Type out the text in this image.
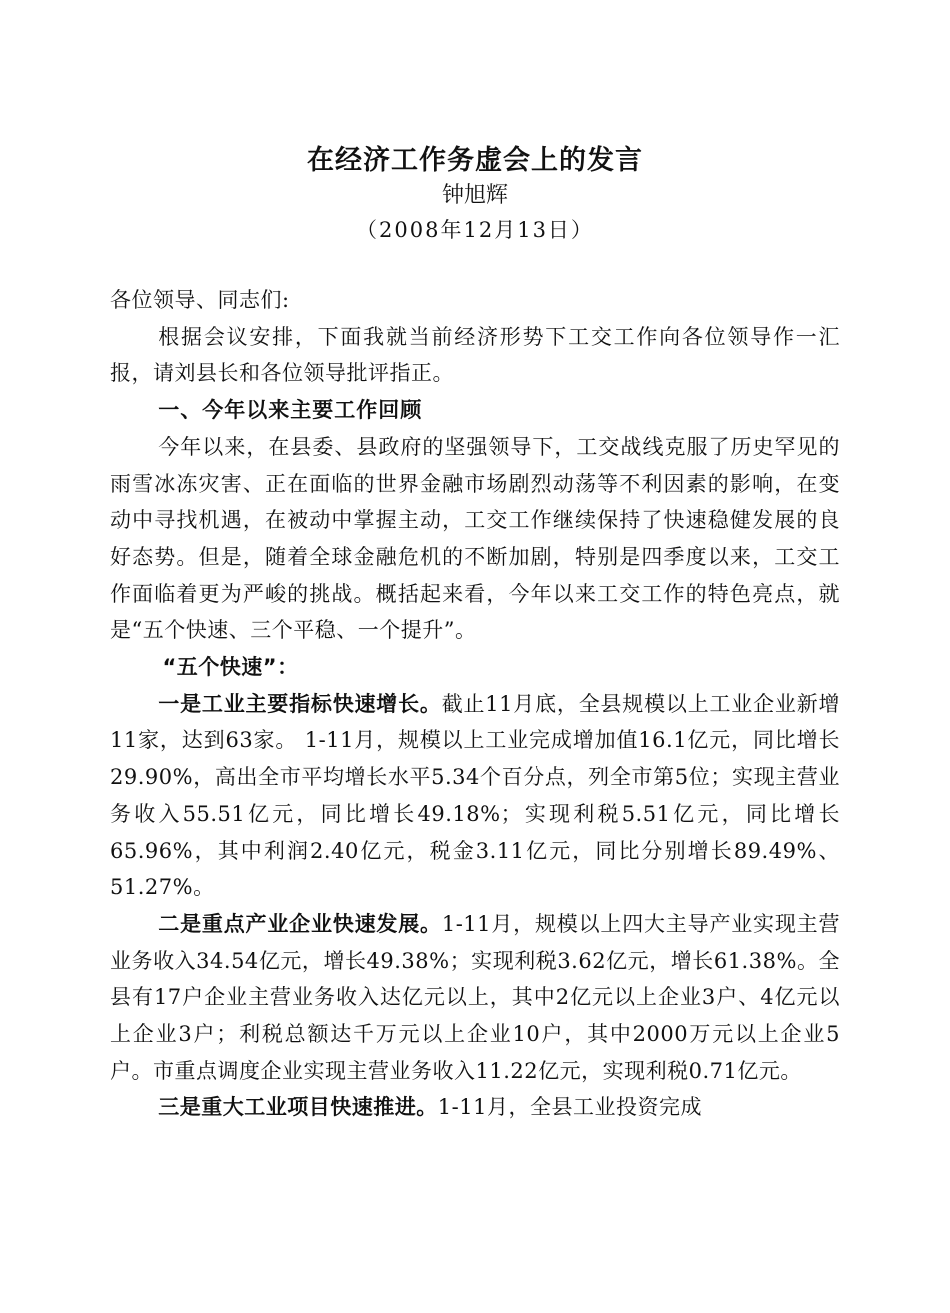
在经济工作务虚会上的发言
钟旭辉
（2008年12月13日）

各位领导、同志们:

根据会议安排，下面我就当前经济形势下工交工作向各位领导作一汇报，请刘县长和各位领导批评指正。

一、今年以来主要工作回顾

今年以来，在县委、县政府的坚强领导下，工交战线克服了历史罕见的雨雪冰冻灾害、正在面临的世界金融市场剧烈动荡等不利因素的影响，在变动中寻找机遇，在被动中掌握主动，工交工作继续保持了快速稳健发展的良好态势。但是，随着全球金融危机的不断加剧，特别是四季度以来，工交工作面临着更为严峻的挑战。概括起来看，今年以来工交工作的特色亮点，就是“五个快速、三个平稳、一个提升”。

“五个快速”：

一是工业主要指标快速增长。截止11月底，全县规模以上工业企业新增11家，达到63家。 1-11月，规模以上工业完成增加值16.1亿元，同比增长29.90%，高出全市平均增长水平5.34个百分点，列全市第5位；实现主营业务收入55.51亿元，同比增长49.18%；实现利税5.51亿元，同比增长65.96%，其中利润2.40亿元，税金3.11亿元，同比分别增长89.49%、51.27%。

二是重点产业企业快速发展。1-11月，规模以上四大主导产业实现主营业务收入34.54亿元，增长49.38%；实现利税3.62亿元，增长61.38%。全县有17户企业主营业务收入达亿元以上，其中2亿元以上企业3户、4亿元以上企业3户；利税总额达千万元以上企业10户，其中2000万元以上企业5户。市重点调度企业实现主营业务收入11.22亿元，实现利税0.71亿元。

三是重大工业项目快速推进。1-11月，全县工业投资完成
